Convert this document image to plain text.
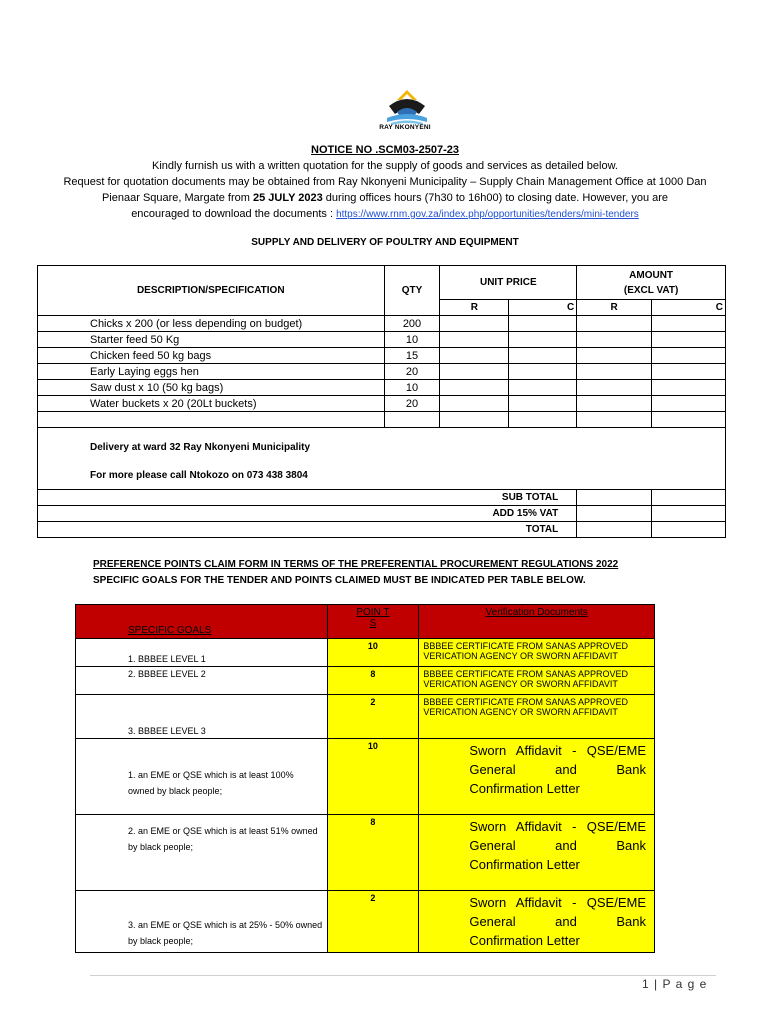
RAY NKONYENI
NOTICE NO .SCM03-2507-23
Kindly furnish us with a written quotation for the supply of goods and services as detailed below.
Request for quotation documents may be obtained from Ray Nkonyeni Municipality – Supply Chain Management Office at 1000 Dan
Pienaar Square, Margate from 25 JULY 2023 during offices hours (7h30 to 16h00) to closing date. However, you are
encouraged to download the documents : https://www.rnm.gov.za/index.php/opportunities/tenders/mini-tenders
SUPPLY AND DELIVERY OF POULTRY AND EQUIPMENT
DESCRIPTION/SPECIFICATION	QTY	UNIT PRICE		AMOUNT
(EXCL VAT)	

		R	C	R	C
Chicks x 200 (or less depending on budget)	200				
Starter feed 50 Kg	10				
Chicken feed 50 kg bags	15				
Early Laying eggs hen	20				
Saw dust x 10 (50 kg bags)	10				
Water buckets x 20 (20Lt buckets)	20				

Delivery at ward 32 Ray Nkonyeni Municipality
For more please call Ntokozo on 073 438 3804					

SUB TOTAL					
ADD 15% VAT					
TOTAL					
PREFERENCE POINTS CLAIM FORM IN TERMS OF THE PREFERENTIAL PROCUREMENT REGULATIONS 2022
SPECIFIC GOALS FOR THE TENDER AND POINTS CLAIMED MUST BE INDICATED PER TABLE BELOW.
SPECIFIC GOALS	POIN TS	Verification Documents
1. BBBEE LEVEL 1	10	BBBEE CERTIFICATE FROM SANAS APPROVED VERICATION AGENCY OR SWORN AFFIDAVIT
2. BBBEE LEVEL 2	8	BBBEE CERTIFICATE FROM SANAS APPROVED VERICATION AGENCY OR SWORN AFFIDAVIT
3. BBBEE LEVEL 3	2	BBBEE CERTIFICATE FROM SANAS APPROVED VERICATION AGENCY OR SWORN AFFIDAVIT
1. an EME or QSE which is at least 100% owned by black people;	10	Sworn Affidavit - QSE/EME General and Bank Confirmation Letter
2. an EME or QSE which is at least 51% owned by black people;	8	Sworn Affidavit - QSE/EME General and Bank Confirmation Letter
3. an EME or QSE which is at 25% - 50% owned by black people;	2	Sworn Affidavit - QSE/EME General and Bank Confirmation Letter
1 | P a g e
